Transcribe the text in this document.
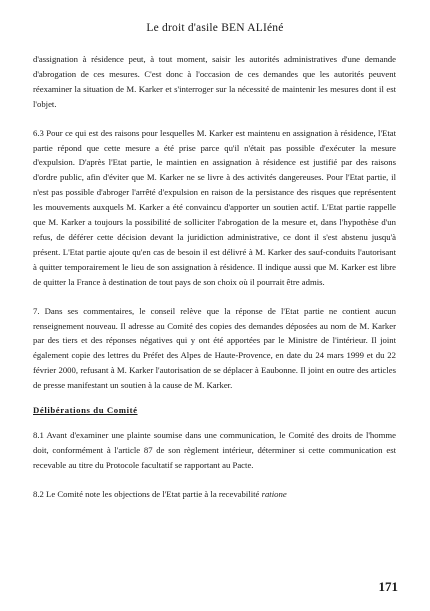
Le droit d'asile BEN ALIéné

d'assignation à résidence peut, à tout moment, saisir les autorités administratives d'une demande d'abrogation de ces mesures. C'est donc à l'occasion de ces demandes que les autorités peuvent réexaminer la situation de M. Karker et s'interroger sur la nécessité de maintenir les mesures dont il est l'objet.

6.3 Pour ce qui est des raisons pour lesquelles M. Karker est maintenu en assignation à résidence, l'Etat partie répond que cette mesure a été prise parce qu'il n'était pas possible d'exécuter la mesure d'expulsion. D'après l'Etat partie, le maintien en assignation à résidence est justifié par des raisons d'ordre public, afin d'éviter que M. Karker ne se livre à des activités dangereuses. Pour l'Etat partie, il n'est pas possible d'abroger l'arrêté d'expulsion en raison de la persistance des risques que représentent les mouvements auxquels M. Karker a été convaincu d'apporter un soutien actif. L'Etat partie rappelle que M. Karker a toujours la possibilité de solliciter l'abrogation de la mesure et, dans l'hypothèse d'un refus, de déférer cette décision devant la juridiction administrative, ce dont il s'est abstenu jusqu'à présent. L'Etat partie ajoute qu'en cas de besoin il est délivré à M. Karker des sauf-conduits l'autorisant à quitter temporairement le lieu de son assignation à résidence. Il indique aussi que M. Karker est libre de quitter la France à destination de tout pays de son choix où il pourrait être admis.

7. Dans ses commentaires, le conseil relève que la réponse de l'Etat partie ne contient aucun renseignement nouveau. Il adresse au Comité des copies des demandes déposées au nom de M. Karker par des tiers et des réponses négatives qui y ont été apportées par le Ministre de l'intérieur. Il joint également copie des lettres du Préfet des Alpes de Haute-Provence, en date du 24 mars 1999 et du 22 février 2000, refusant à M. Karker l'autorisation de se déplacer à Eaubonne. Il joint en outre des articles de presse manifestant un soutien à la cause de M. Karker.

Délibérations du Comité

8.1 Avant d'examiner une plainte soumise dans une communication, le Comité des droits de l'homme doit, conformément à l'article 87 de son règlement intérieur, déterminer si cette communication est recevable au titre du Protocole facultatif se rapportant au Pacte.

8.2 Le Comité note les objections de l'Etat partie à la recevabilité ratione

171
